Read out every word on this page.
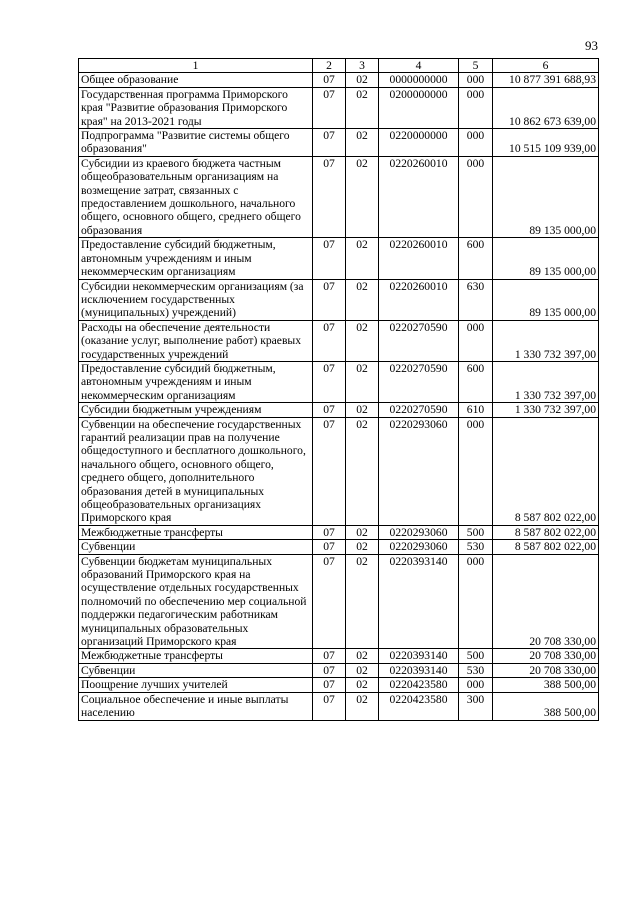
93
1	2	3	4	5	6
Общее образование	07	02	0000000000	000	10 877 391 688,93
Государственная программа Приморского края "Развитие образования Приморского края" на 2013-2021 годы	07	02	0200000000	000	10 862 673 639,00
Подпрограмма "Развитие системы общего образования"	07	02	0220000000	000	10 515 109 939,00
Субсидии из краевого бюджета частным общеобразовательным организациям на возмещение затрат, связанных с предоставлением дошкольного, начального общего, основного общего, среднего общего образования	07	02	0220260010	000	89 135 000,00
Предоставление субсидий бюджетным, автономным учреждениям и иным некоммерческим организациям	07	02	0220260010	600	89 135 000,00
Субсидии некоммерческим организациям (за исключением государственных (муниципальных) учреждений)	07	02	0220260010	630	89 135 000,00
Расходы на обеспечение деятельности (оказание услуг, выполнение работ) краевых государственных учреждений	07	02	0220270590	000	1 330 732 397,00
Предоставление субсидий бюджетным, автономным учреждениям и иным некоммерческим организациям	07	02	0220270590	600	1 330 732 397,00
Субсидии бюджетным учреждениям	07	02	0220270590	610	1 330 732 397,00
Субвенции на обеспечение государственных гарантий реализации прав на получение общедоступного и бесплатного дошкольного, начального общего, основного общего, среднего общего, дополнительного образования детей в муниципальных общеобразовательных организациях Приморского края	07	02	0220293060	000	8 587 802 022,00
Межбюджетные трансферты	07	02	0220293060	500	8 587 802 022,00
Субвенции	07	02	0220293060	530	8 587 802 022,00
Субвенции бюджетам муниципальных образований Приморского края на осуществление отдельных государственных полномочий по обеспечению мер социальной поддержки педагогическим работникам муниципальных образовательных организаций Приморского края	07	02	0220393140	000	20 708 330,00
Межбюджетные трансферты	07	02	0220393140	500	20 708 330,00
Субвенции	07	02	0220393140	530	20 708 330,00
Поощрение лучших учителей	07	02	0220423580	000	388 500,00
Социальное обеспечение и иные выплаты населению	07	02	0220423580	300	388 500,00
